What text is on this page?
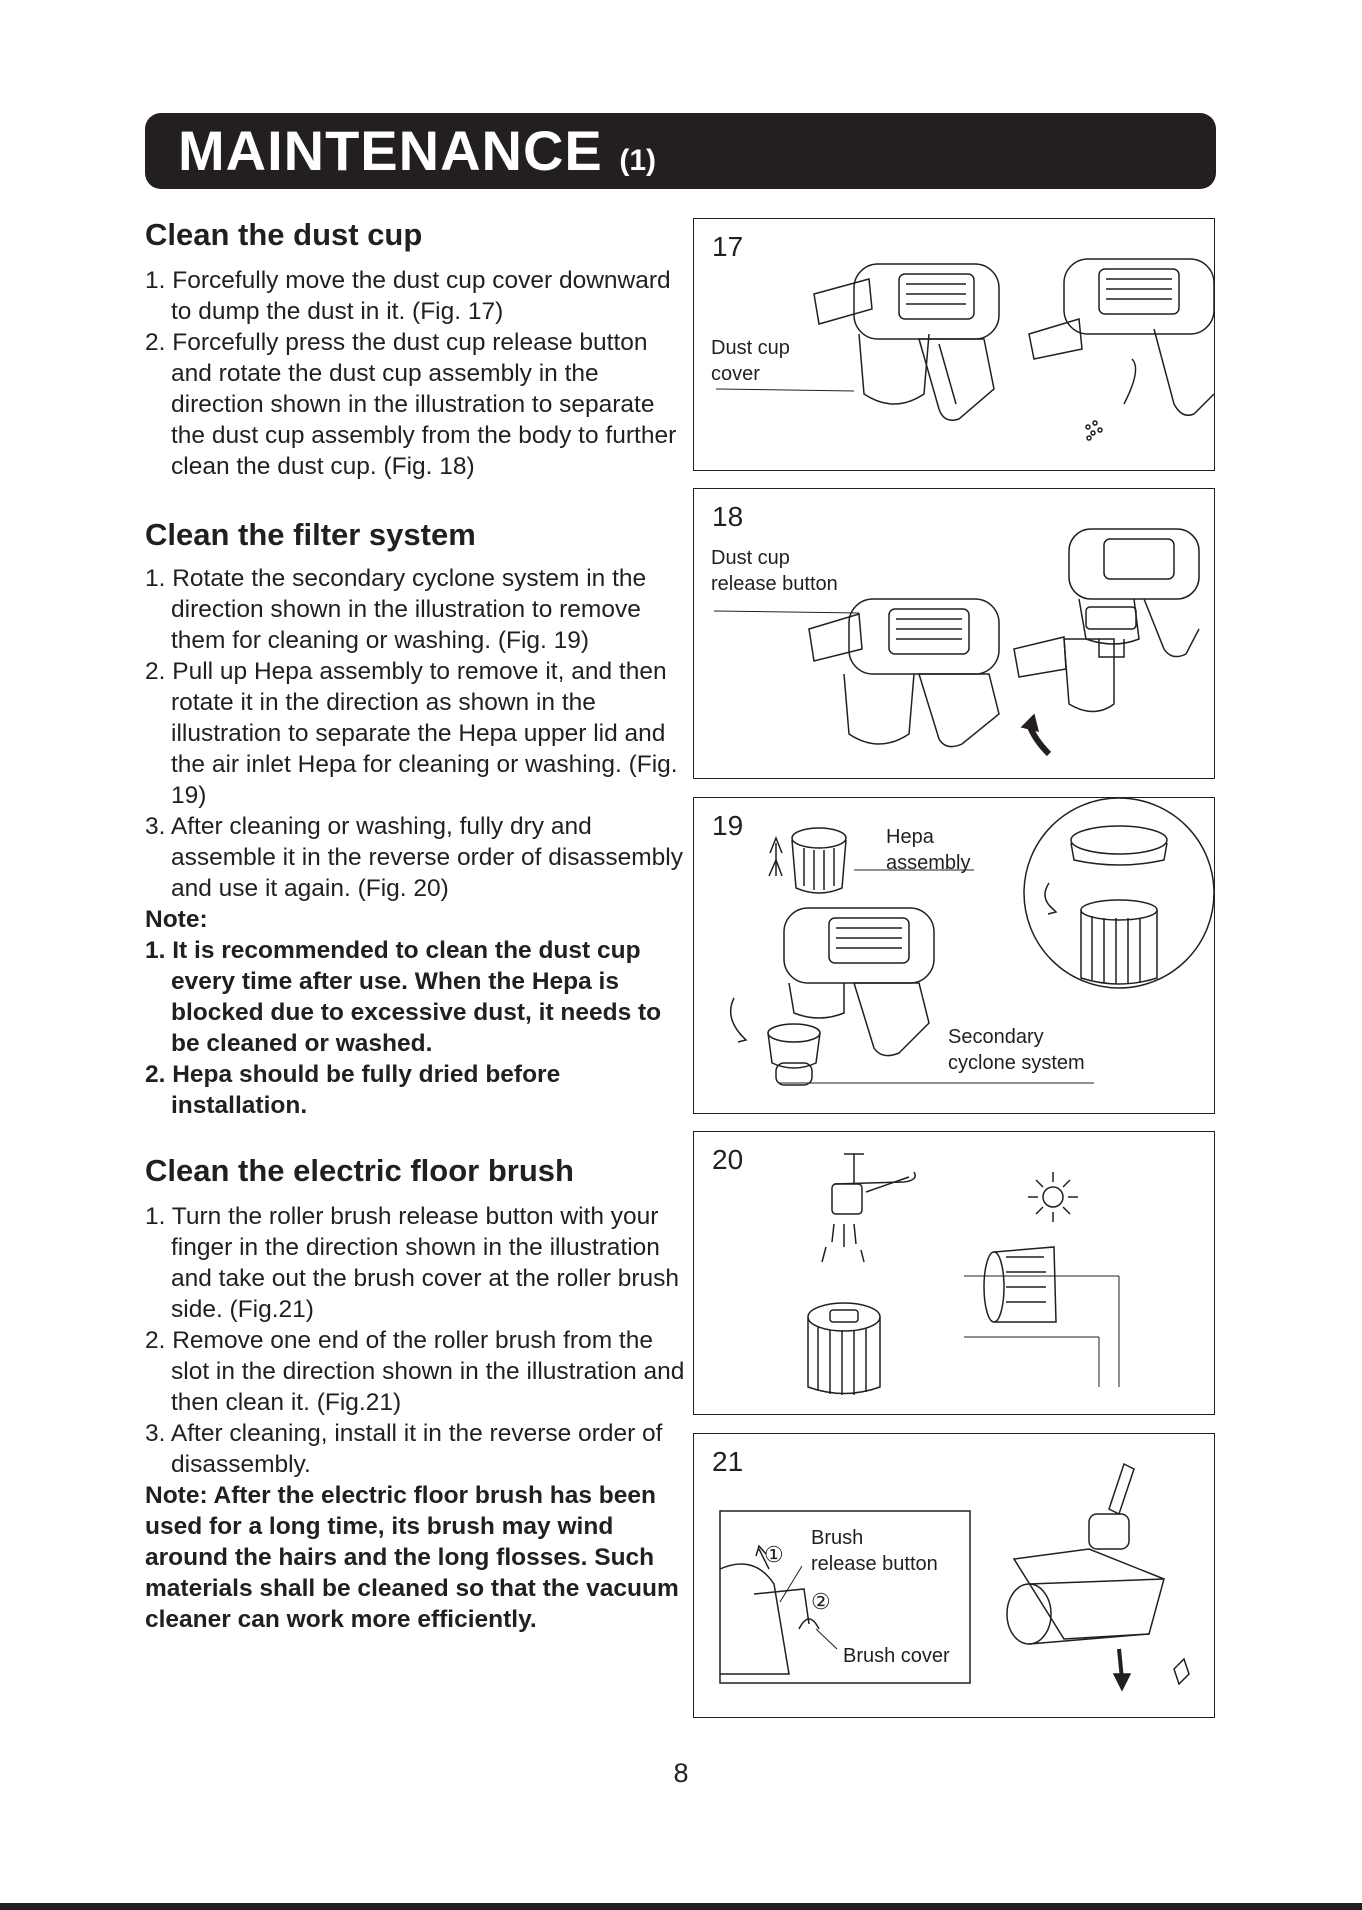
MAINTENANCE (1)
Clean the dust cup

1. Forcefully move the dust cup cover downward to dump the dust in it. (Fig. 17)

2. Forcefully press the dust cup release button and rotate the dust cup assembly in the direction shown in the illustration to separate the dust cup assembly from the body to further clean the dust cup. (Fig. 18)

Clean the filter system

1. Rotate the secondary cyclone system in the direction shown in the illustration to remove them for cleaning or washing. (Fig. 19)

2. Pull up Hepa assembly to remove it, and then rotate it in the direction as shown in the illustration to separate the Hepa upper lid and the air inlet Hepa for cleaning or washing. (Fig. 19)

3. After cleaning or washing, fully dry and assemble it in the reverse order of disassembly and use it again. (Fig. 20)

Note:

1. It is recommended to clean the dust cup every time after use. When the Hepa is blocked due to excessive dust, it needs to be cleaned or washed.

2. Hepa should be fully dried before installation.

Clean the electric floor brush

1. Turn the roller brush release button with your finger in the direction shown in the illustration and take out the brush cover at the roller brush side. (Fig.21)

2. Remove one end of the roller brush from the slot in the direction shown in the illustration and then clean it. (Fig.21)

3. After cleaning, install it in the reverse order of disassembly.

Note: After the electric floor brush has been used for a long time, its brush may wind around the hairs and the long flosses. Such materials shall be cleaned so that the vacuum cleaner can work more efficiently.

17
Dust cup
cover
18
Dust cup
release button
19	Hepa
assembly
Secondary
cyclone system
20
21
①
②
Brush
release button
Brush cover
8
